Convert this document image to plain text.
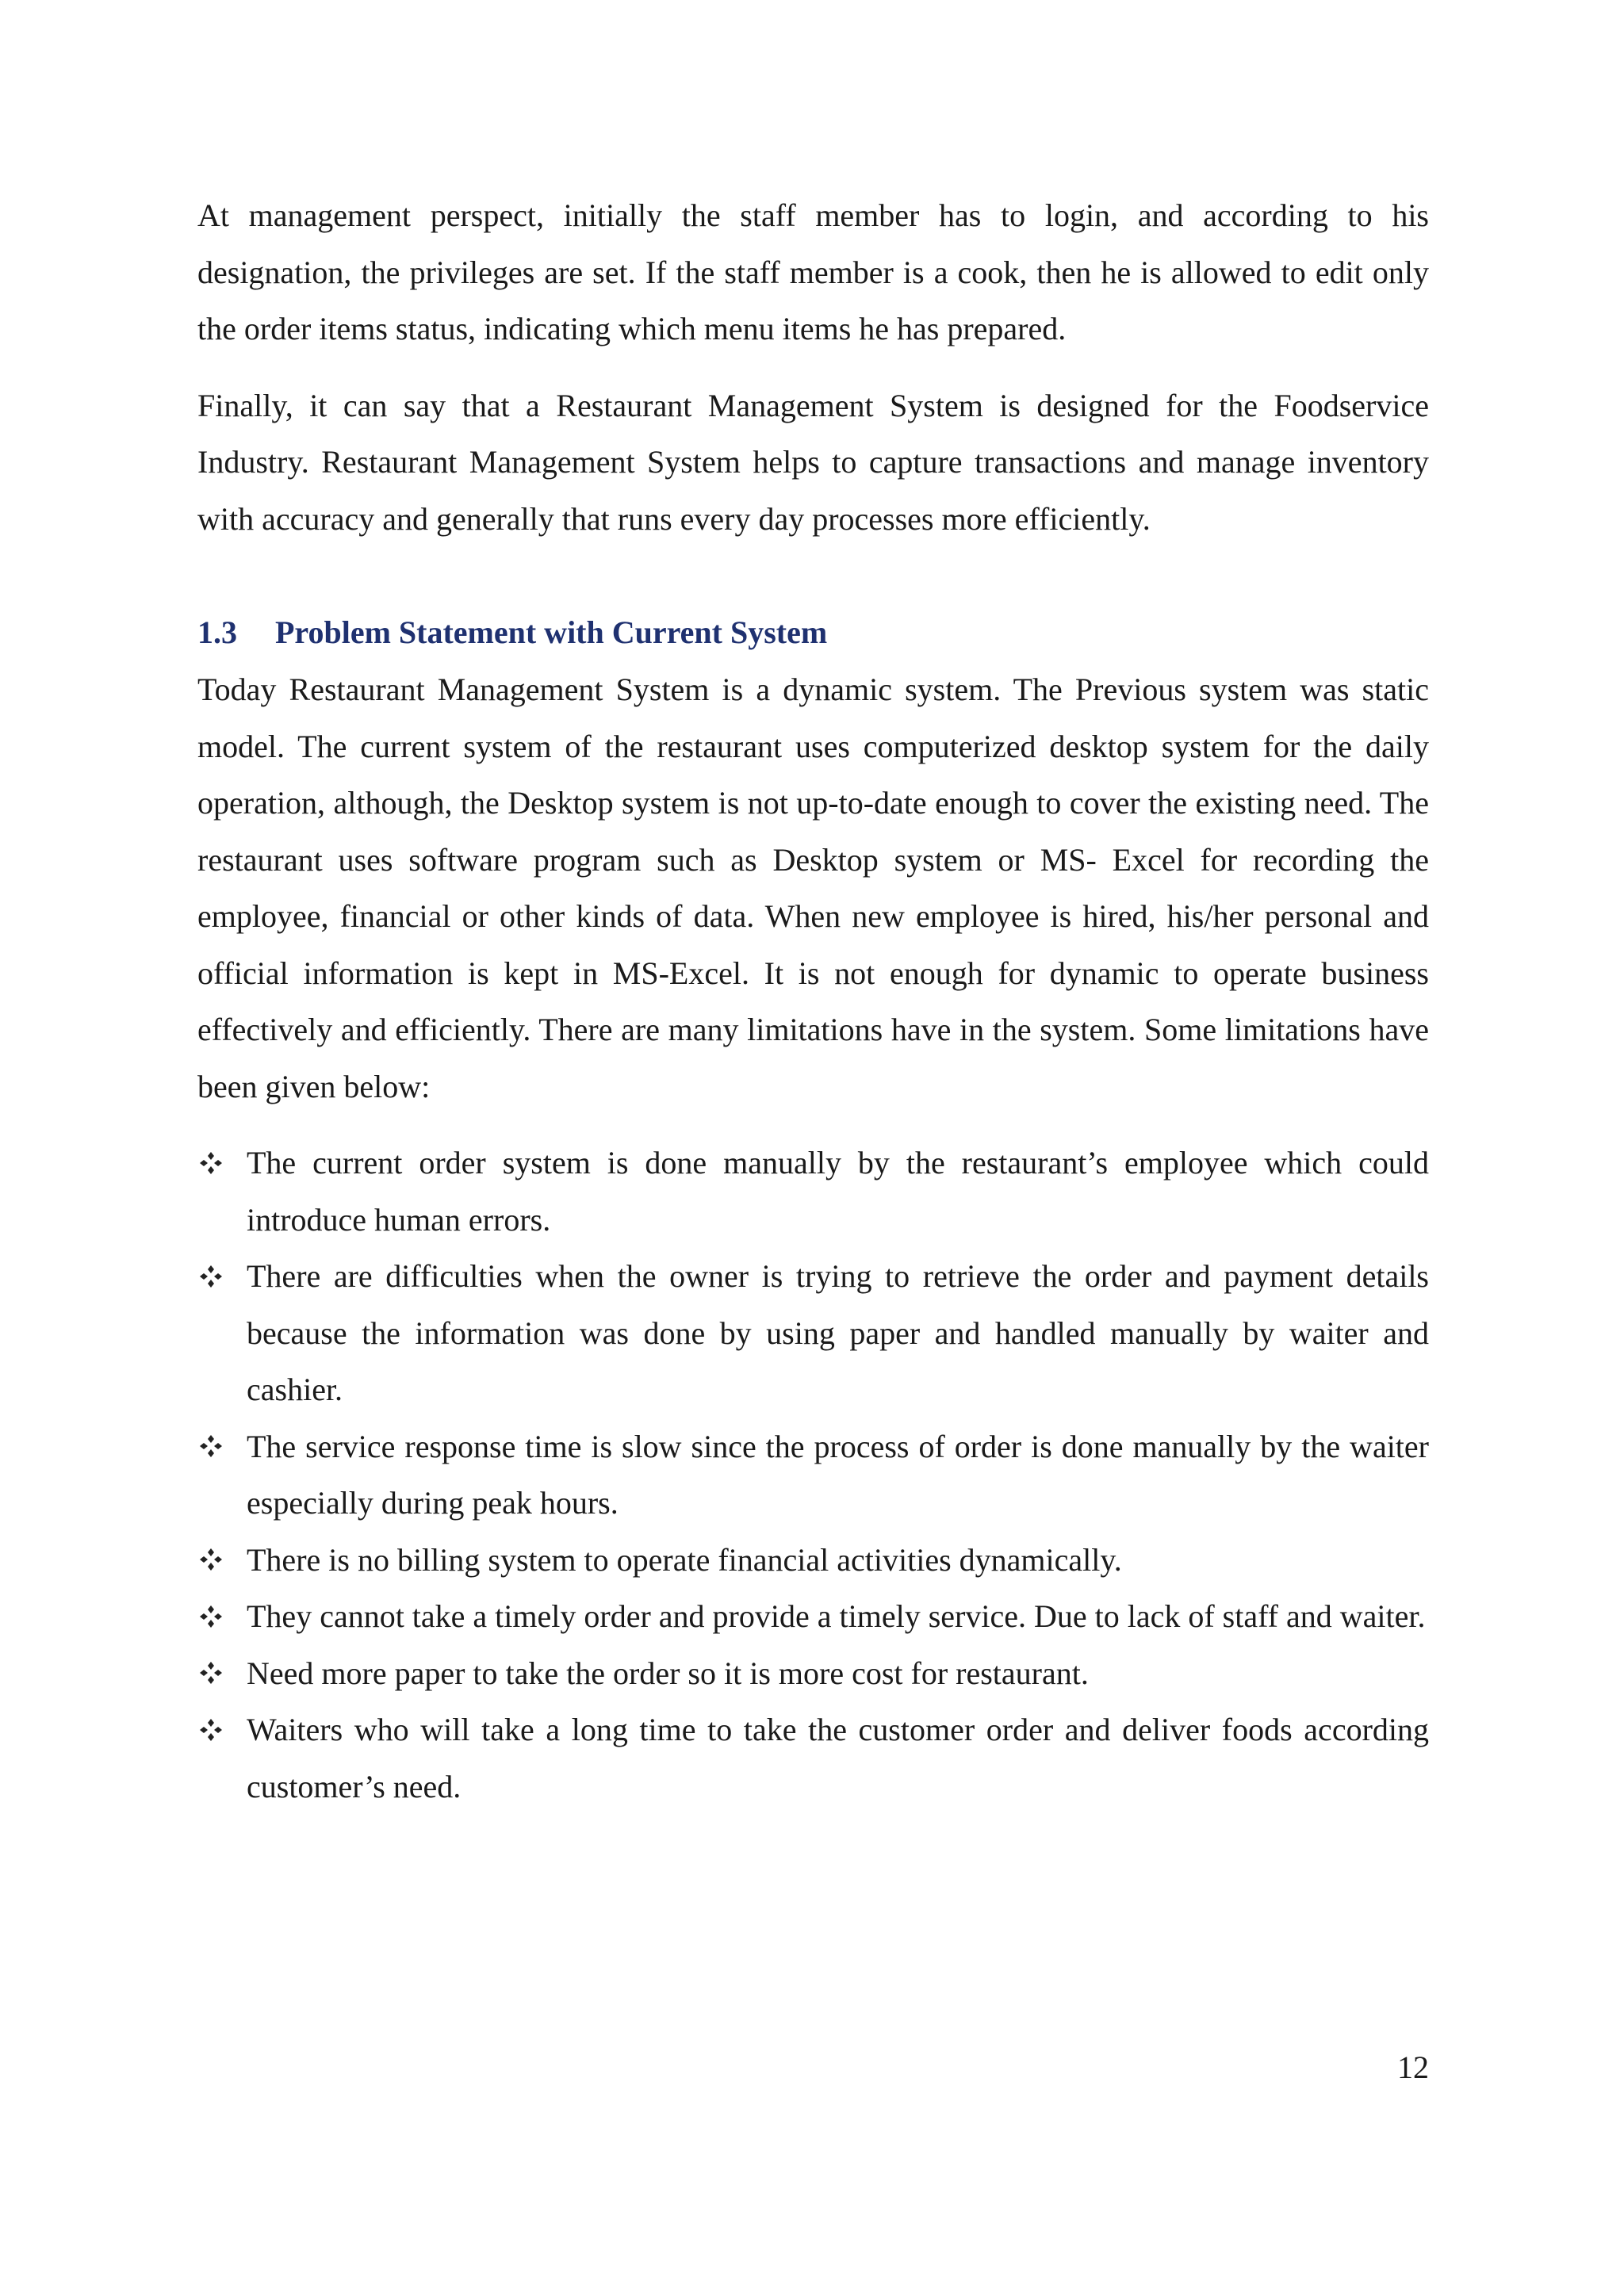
At management perspect, initially the staff member has to login, and according to his designation, the privileges are set. If the staff member is a cook, then he is allowed to edit only the order items status, indicating which menu items he has prepared.

Finally, it can say that a Restaurant Management System is designed for the Foodservice Industry. Restaurant Management System helps to capture transactions and manage inventory with accuracy and generally that runs every day processes more efficiently.

1.3 Problem Statement with Current System

Today Restaurant Management System is a dynamic system. The Previous system was static model. The current system of the restaurant uses computerized desktop system for the daily operation, although, the Desktop system is not up-to-date enough to cover the existing need. The restaurant uses software program such as Desktop system or MS- Excel for recording the employee, financial or other kinds of data. When new employee is hired, his/her personal and official information is kept in MS-Excel. It is not enough for dynamic to operate business effectively and efficiently. There are many limitations have in the system. Some limitations have been given below:

The current order system is done manually by the restaurant’s employee which could introduce human errors.
There are difficulties when the owner is trying to retrieve the order and payment details because the information was done by using paper and handled manually by waiter and cashier.
The service response time is slow since the process of order is done manually by the waiter especially during peak hours.
There is no billing system to operate financial activities dynamically.
They cannot take a timely order and provide a timely service. Due to lack of staff and waiter.
Need more paper to take the order so it is more cost for restaurant.
Waiters who will take a long time to take the customer order and deliver foods according customer’s need.
12
